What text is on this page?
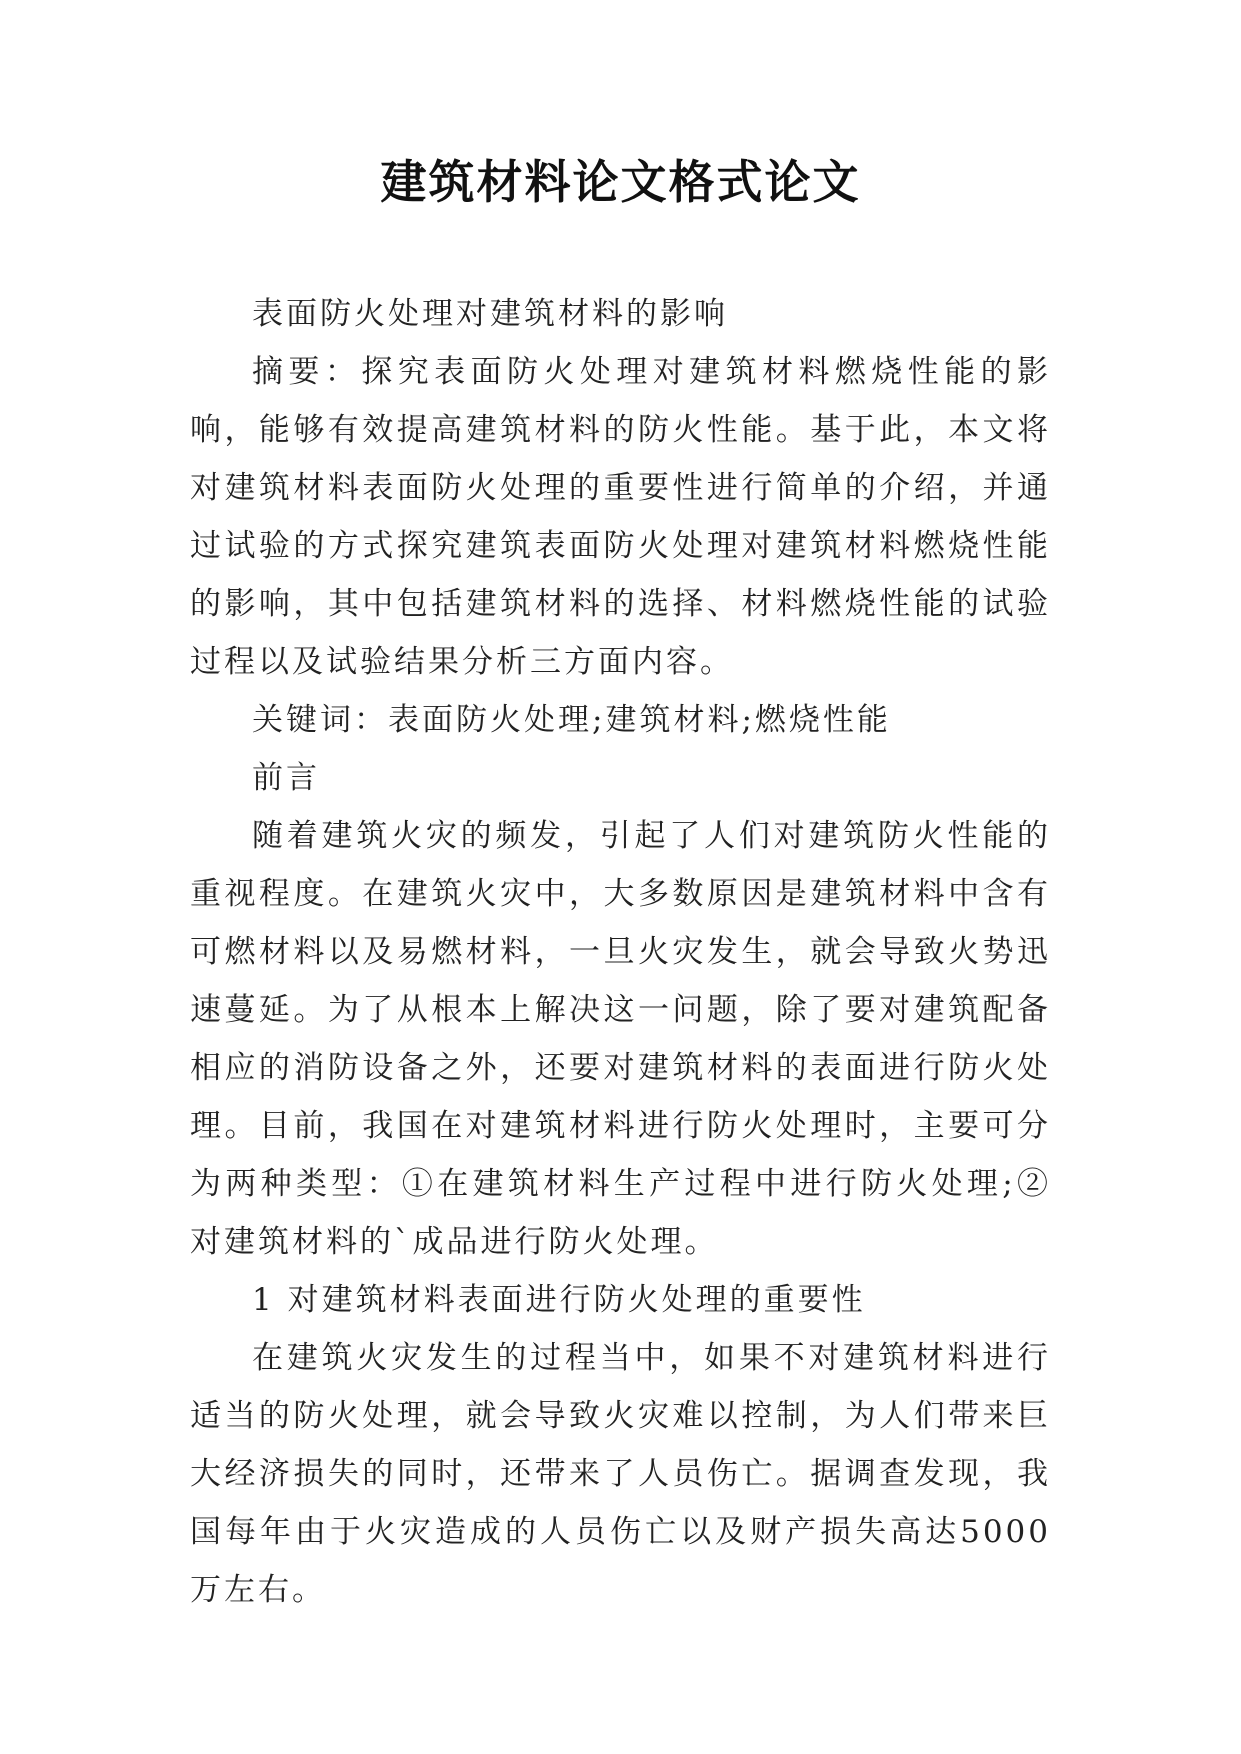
建筑材料论文格式论文

表面防火处理对建筑材料的影响

摘要：探究表面防火处理对建筑材料燃烧性能的影响，能够有效提高建筑材料的防火性能。基于此，本文将对建筑材料表面防火处理的重要性进行简单的介绍，并通过试验的方式探究建筑表面防火处理对建筑材料燃烧性能的影响，其中包括建筑材料的选择、材料燃烧性能的试验过程以及试验结果分析三方面内容。

关键词：表面防火处理;建筑材料;燃烧性能

前言

随着建筑火灾的频发，引起了人们对建筑防火性能的重视程度。在建筑火灾中，大多数原因是建筑材料中含有可燃材料以及易燃材料，一旦火灾发生，就会导致火势迅速蔓延。为了从根本上解决这一问题，除了要对建筑配备相应的消防设备之外，还要对建筑材料的表面进行防火处理。目前，我国在对建筑材料进行防火处理时，主要可分为两种类型：①在建筑材料生产过程中进行防火处理;②对建筑材料的`成品进行防火处理。

1 对建筑材料表面进行防火处理的重要性

在建筑火灾发生的过程当中，如果不对建筑材料进行适当的防火处理，就会导致火灾难以控制，为人们带来巨大经济损失的同时，还带来了人员伤亡。据调查发现，我国每年由于火灾造成的人员伤亡以及财产损失高达5000万左右。
